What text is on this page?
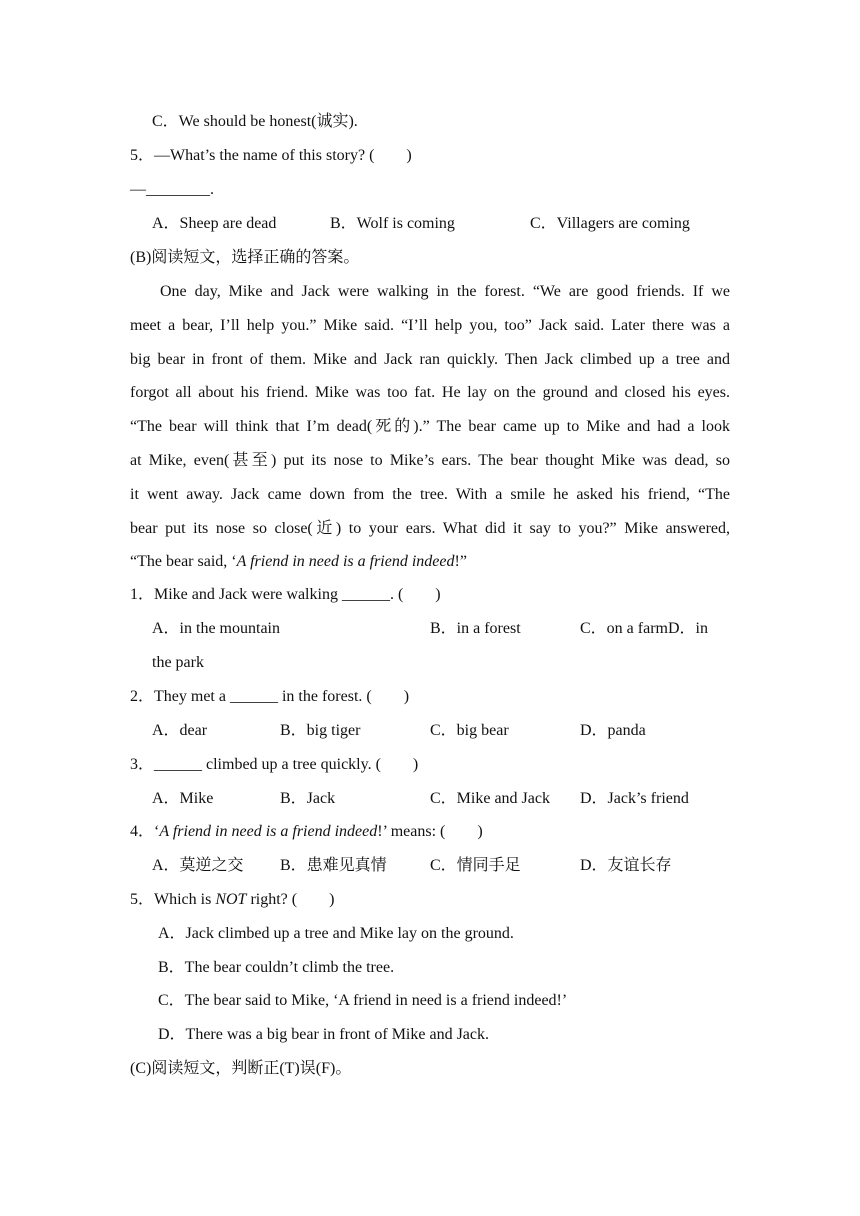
C．We should be honest(诚实).
5．—What’s the name of this story? (　　)
—________.
A．Sheep are dead	B．Wolf is coming	C．Villagers are coming
(B)阅读短文，选择正确的答案。
One day, Mike and Jack were walking in the forest. “We are good friends. If we
meet a bear, I’ll help you.” Mike said. “I’ll help you, too” Jack said. Later there was a
big bear in front of them. Mike and Jack ran quickly. Then Jack climbed up a tree and
forgot all about his friend. Mike was too fat. He lay on the ground and closed his eyes.
“The bear will think that I’m dead(死的).” The bear came up to Mike and had a look
at Mike, even(甚至) put its nose to Mike’s ears. The bear thought Mike was dead, so
it went away. Jack came down from the tree. With a smile he asked his friend, “The
bear put its nose so close(近) to your ears. What did it say to you?” Mike answered,
“The bear said, ‘A friend in need is a friend indeed!”
1．Mike and Jack were walking ______. (　　)
A．in the mountain	B．in a forest	C．on a farmD．in
the park
2．They met a ______ in the forest. (　　)
A．dear	B．big tiger	C．big bear	D．panda
3．______ climbed up a tree quickly. (　　)
A．Mike	B．Jack	C．Mike and Jack D．Jack’s friend
4．‘A friend in need is a friend indeed!’ means: (　　)
A．莫逆之交 B．患难见真情	C．情同手足	D．友谊长存
5．Which is NOT right? (　　)
A．Jack climbed up a tree and Mike lay on the ground.
B．The bear couldn’t climb the tree.
C．The bear said to Mike, ‘A friend in need is a friend indeed!’
D．There was a big bear in front of Mike and Jack.
(C)阅读短文，判断正(T)误(F)。
